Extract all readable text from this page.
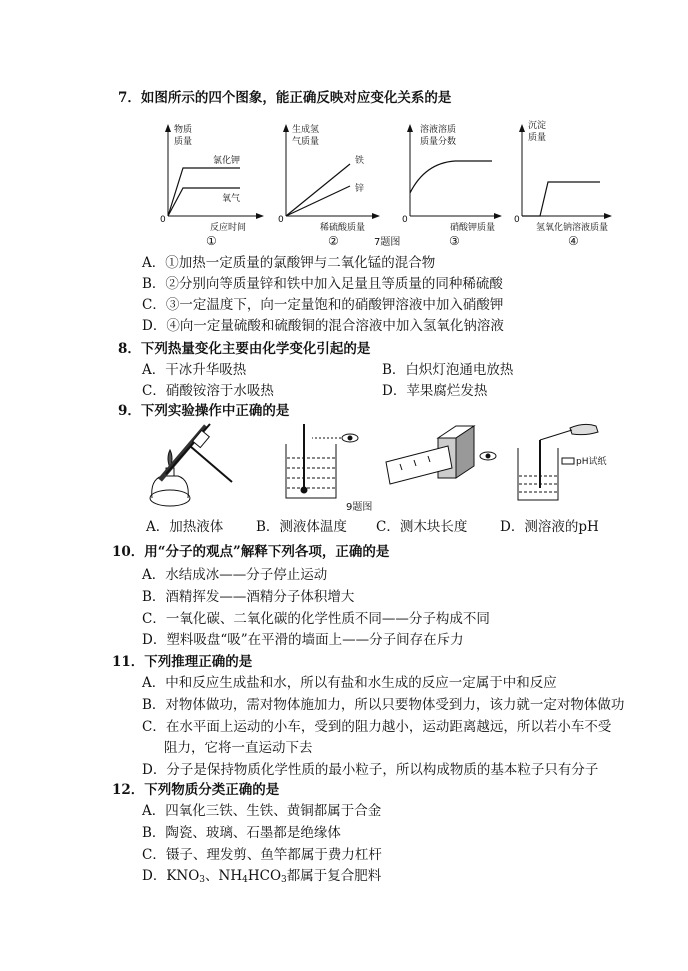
7．如图所示的四个图象，能正确反映对应变化关系的是
物质
质量
氯化钾
氧气
0
反应时间
①
生成氢
气质量
铁
锌
0
稀硫酸质量
②	7题图
溶液溶质
质量分数
0
硝酸钾质量
③
沉淀
质量
0
氢氧化钠溶液质量
④
A．①加热一定质量的氯酸钾与二氧化锰的混合物
B．②分别向等质量锌和铁中加入足量且等质量的同种稀硫酸
C．③一定温度下，向一定量饱和的硝酸钾溶液中加入硝酸钾
D．④向一定量硫酸和硫酸铜的混合溶液中加入氢氧化钠溶液
8．下列热量变化主要由化学变化引起的是
A．干冰升华吸热	B．白炽灯泡通电放热
C．硝酸铵溶于水吸热	D．苹果腐烂发热
9．下列实验操作中正确的是
pH试纸
9题图
A．加热液体 B．测液体温度 C．测木块长度 D．测溶液的pH
10．用“分子的观点”解释下列各项，正确的是
A．水结成冰——分子停止运动
B．酒精挥发——酒精分子体积增大
C．一氧化碳、二氧化碳的化学性质不同——分子构成不同
D．塑料吸盘“吸”在平滑的墙面上——分子间存在斥力
11．下列推理正确的是
A．中和反应生成盐和水，所以有盐和水生成的反应一定属于中和反应
B．对物体做功，需对物体施加力，所以只要物体受到力，该力就一定对物体做功
C．在水平面上运动的小车，受到的阻力越小，运动距离越远，所以若小车不受
阻力，它将一直运动下去
D．分子是保持物质化学性质的最小粒子，所以构成物质的基本粒子只有分子
12．下列物质分类正确的是
A．四氧化三铁、生铁、黄铜都属于合金
B．陶瓷、玻璃、石墨都是绝缘体
C．镊子、理发剪、鱼竿都属于费力杠杆
D．$KNO_3$、$NH_4HCO_3$都属于复合肥料
